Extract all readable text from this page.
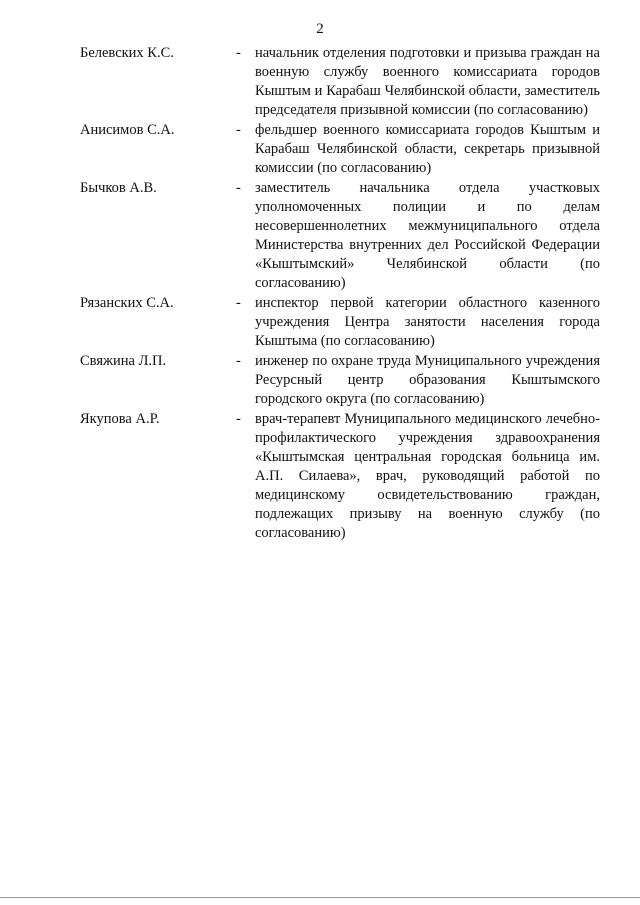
2
Белевских К.С.	- начальник отделения подготовки и призыва граждан на военную службу военного комиссариата городов Кыштым и Карабаш Челябинской области, заместитель председателя призывной комиссии (по согласованию)
Анисимов С.А.	- фельдшер военного комиссариата городов Кыштым и Карабаш Челябинской области, секретарь призывной комиссии (по согласованию)
Бычков А.В.	- заместитель начальника отдела участковых уполномоченных полиции и по делам несовершеннолетних межмуниципального отдела Министерства внутренних дел Российской Федерации «Кыштымский» Челябинской области (по согласованию)
Рязанских С.А.	- инспектор первой категории областного казенного учреждения Центра занятости населения города Кыштыма (по согласованию)
Свяжина Л.П.	- инженер по охране труда Муниципального учреждения Ресурсный центр образования Кыштымского городского округа (по согласованию)
Якупова А.Р.	- врач-терапевт Муниципального медицинского лечебно-профилактического учреждения здравоохранения «Кыштымская центральная городская больница им. А.П. Силаева», врач, руководящий работой по медицинскому освидетельствованию граждан, подлежащих призыву на военную службу (по согласованию)
